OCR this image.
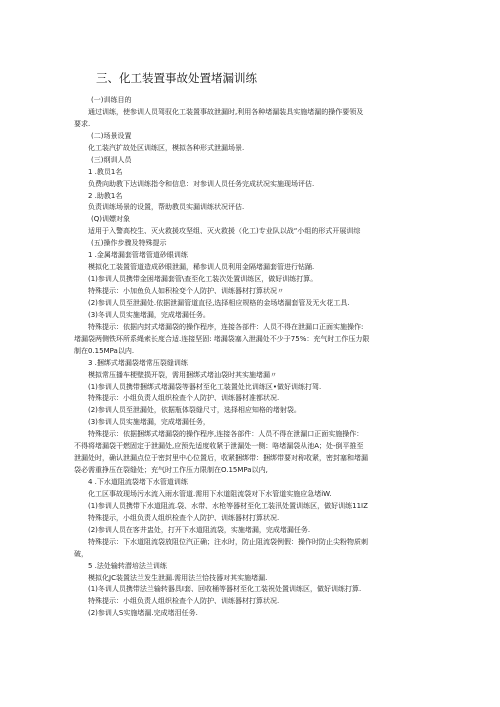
三、化工装置事故处置堵漏训练
(一)训练目的
通过训练，使参训人员驾驭化工装置事故泄漏时,利用各种堵漏装具实施堵漏的操作要领及
要求.
(二)场景设置
化工装汽扩故处区训练区，模拟各种形式泄漏场景.
(三)纲训人员
1 .教员1名
负费向助教下达训练指令和信息：对参训人员任务完成状况实施现场评估.
2 .助教1名
负责训练场景的设置，帮助教员实漏训练状况评估.
(Q)训嫖对象
适用于入警高校生、灭火救援攻坚组、灭火救援（化工)专业队以战“小组的形式开展训综
(五)操作步骤及特殊提示
1 .金属堵漏套管堵管道砂眼训练
模拟化工装置管道造成砂眼泄漏，稀参训人员利用金隔堵漏套管进行钻踊.
(1)参训人员携带金困堵漏套管\查至化工装次处置训练区，做好训练打算。
特殊提示：小加鱼负人如积检变个人防护、训练器材打算状况〃
(2)参训人员至泄漏处.依据泄漏管道直径,选择相应规格的金场堵漏套管及无火花工具.
(3)冬训人员实施堵漏，完成堵漏任务。
特殊提示：依据内封式堵漏袋的操作程序，连接各部件：人员不得在泄漏口正面实施操作:
堵漏袋两侧铁环所系绳索长度合适.连接坚固: 堵漏袋塞入泄漏处不少于75%：充气时工作压力限
制在0.15MPa以内.
3 .捆绑式堵漏袋堵常压裂缝训练
模拟常压播车梗壁损开裂，需用捆绑式堵汕袋时其实施堵漏〃
(1)参训人员携带捆绑式堵漏袋等器材至化工装置处比训练区•做好训练打驾.
特殊提示：小组负责人组织检查个人防护、训练器材准都状况.
(2)参训人员至泄漏处，依据瓶体裂缝尺寸，选择相应知格的堵射袋。
(3)参训人员实施堵漏，完成堵漏任务，
特殊提示：依据捆绑式堵漏袋的操作程序,连接各部件：人员不得在泄漏口正面实施操作：
不得将堵漏袋干燃固定于泄漏处,应预先适度收紧于泄漏处一侧：咯堵漏袋从池A；处-倒平推至
泄漏处时，确认泄漏点位于密封里中心位置后，收紧捆绑带：捆绑带要对称收紧，密封塞和堵漏
袋必需重挣压在裂缝处；充气时工作压力限制在O.15MPa以内,
4 .下水道阻流袋堵下水管道训练
化工区事故现场污水流入雨水管道.需用下水道阻流袋对下水管道实施应急堵iW.
(1)参训人员携带下水道阻流.袋、水带、水枪等器材至化工装汛处置训练区，做好训练11IZ
特殊提示，小组负责人组织检查个人防护、训练器材打算状况.
(2)参训人员在客井盅处，打开下水道阻流袋，实施堵漏，完成堵漏任务.
特殊提示：下水道阻流袋放阻位汽正确；注水时，防止阻流袋例假：操作时防止尖粉物质刺
破，
5 .法处输转潜培法兰训练
模拟化JC装置法兰发生泄漏.需用法兰恰技器对其实施堵漏.
(1)冬训人员携带法兰输转器具I套、回收桶等器材至化工装祝处置训练区，做好训练打算.
特殊提示：小组负责人组织检查个人防护、训练器材打算状况.
(2)参训人S实施堵漏.完成堵泪任务.
